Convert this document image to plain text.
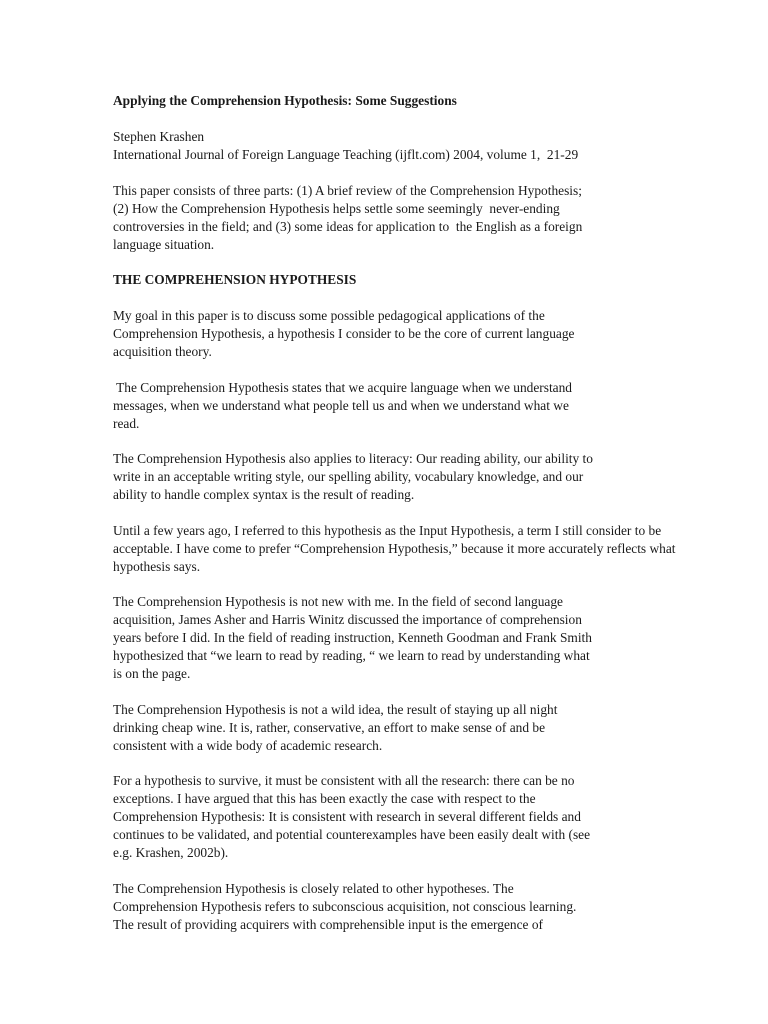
Applying the Comprehension Hypothesis: Some Suggestions
Stephen Krashen
International Journal of Foreign Language Teaching (ijflt.com) 2004, volume 1,  21-29
This paper consists of three parts: (1) A brief review of the Comprehension Hypothesis;
(2) How the Comprehension Hypothesis helps settle some seemingly  never-ending
controversies in the field; and (3) some ideas for application to  the English as a foreign
language situation.
THE COMPREHENSION HYPOTHESIS
My goal in this paper is to discuss some possible pedagogical applications of the
Comprehension Hypothesis, a hypothesis I consider to be the core of current language
acquisition theory.
The Comprehension Hypothesis states that we acquire language when we understand
messages, when we understand what people tell us and when we understand what we
read.
The Comprehension Hypothesis also applies to literacy: Our reading ability, our ability to
write in an acceptable writing style, our spelling ability, vocabulary knowledge, and our
ability to handle complex syntax is the result of reading.
Until a few years ago, I referred to this hypothesis as the Input Hypothesis, a term I still consider to be
acceptable. I have come to prefer “Comprehension Hypothesis,” because it more accurately reflects what
hypothesis says.
The Comprehension Hypothesis is not new with me. In the field of second language
acquisition, James Asher and Harris Winitz discussed the importance of comprehension
years before I did. In the field of reading instruction, Kenneth Goodman and Frank Smith
hypothesized that “we learn to read by reading, “ we learn to read by understanding what
is on the page.
The Comprehension Hypothesis is not a wild idea, the result of staying up all night
drinking cheap wine. It is, rather, conservative, an effort to make sense of and be
consistent with a wide body of academic research.
For a hypothesis to survive, it must be consistent with all the research: there can be no
exceptions. I have argued that this has been exactly the case with respect to the
Comprehension Hypothesis: It is consistent with research in several different fields and
continues to be validated, and potential counterexamples have been easily dealt with (see
e.g. Krashen, 2002b).
The Comprehension Hypothesis is closely related to other hypotheses. The
Comprehension Hypothesis refers to subconscious acquisition, not conscious learning.
The result of providing acquirers with comprehensible input is the emergence of
